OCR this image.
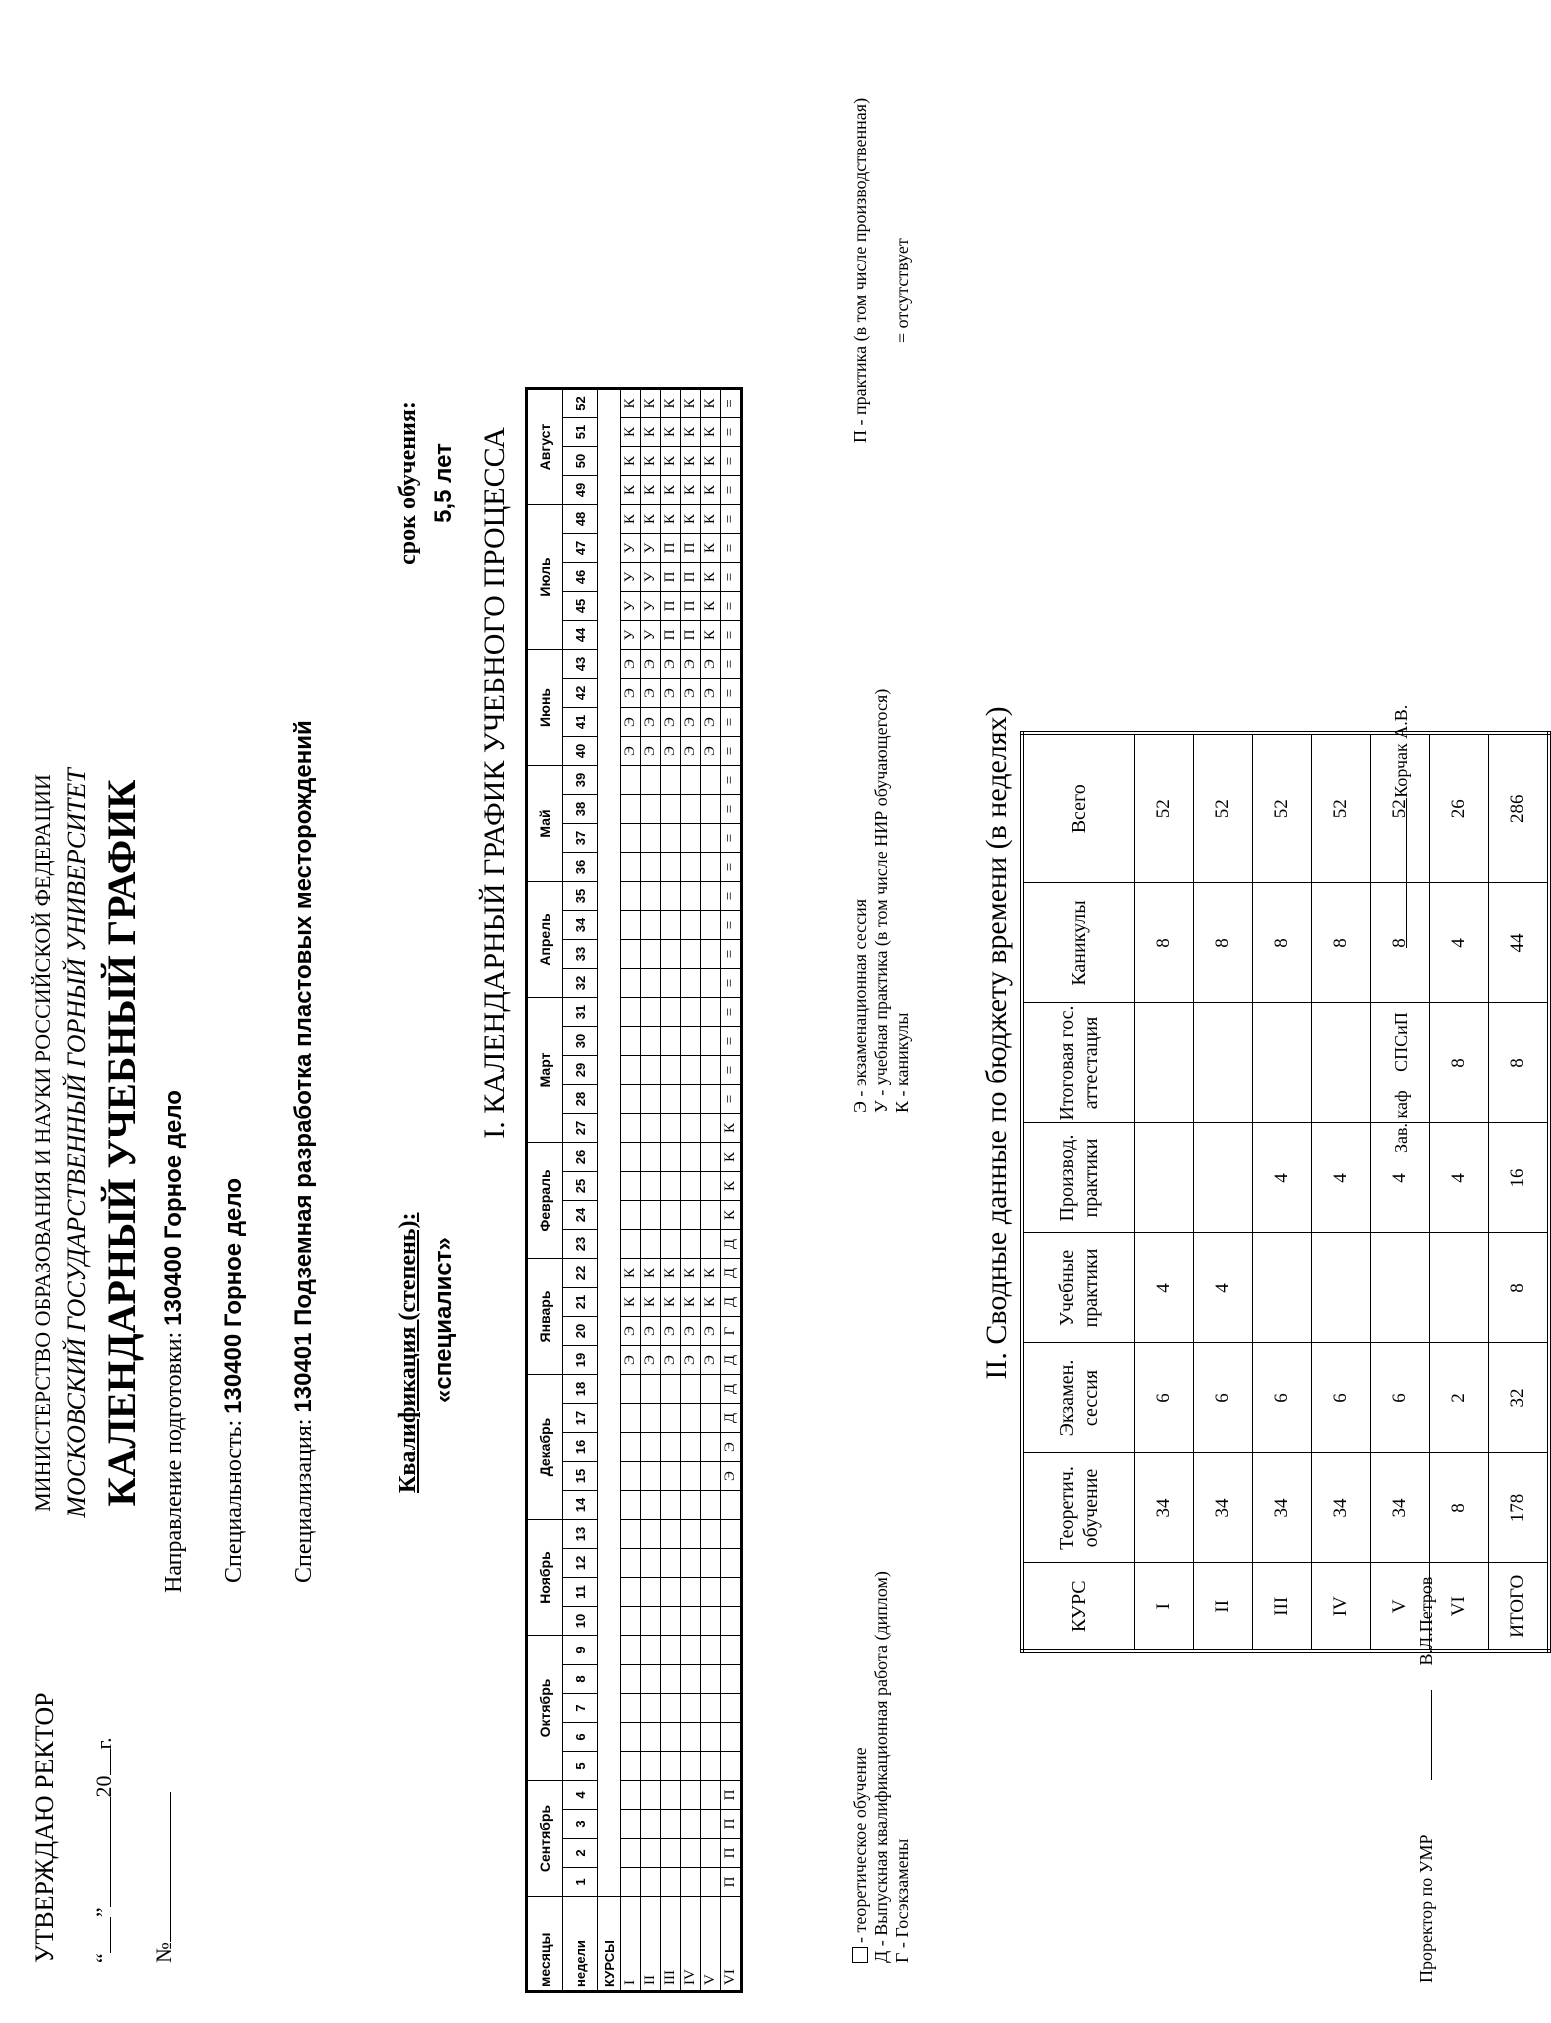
УТВЕРЖДАЮ РЕКТОР “”20г.
№
МИНИСТЕРСТВО ОБРАЗОВАНИЯ И НАУКИ РОССИЙСКОЙ ФЕДЕРАЦИИ МОСКОВСКИЙ ГОСУДАРСТВЕННЫЙ ГОРНЫЙ УНИВЕРСИТЕТ КАЛЕНДАРНЫЙ УЧЕБНЫЙ ГРАФИК Направление подготовки: 130400 Горное дело
Специальность: 130400 Горное дело
Специализация: 130401 Подземная разработка пластовых месторождений	Квалификация (степень): «специалист»
срок обучения: 5,5 лет I. КАЛЕНДАРНЫЙ ГРАФИК УЧЕБНОГО ПРОЦЕССА
месяцы	Сентябрь				Октябрь					Ноябрь				Декабрь					Январь				Февраль				Март					Апрель				Май				Июнь				Июль					Август			
недели	1	2	3	4	5	6	7	8	9	10	11	12	13	14	15	16	17	18	19	20	21	22	23	24	25	26	27	28	29	30	31	32	33	34	35	36	37	38	39	40	41	42	43	44	45	46	47	48	49	50	51	52
КУРСЫ																																																				
I																			Э	Э	К	К																		Э	Э	Э	Э	У	У	У	У	К	К	К	К	К
II																			Э	Э	К	К																		Э	Э	Э	Э	У	У	У	У	К	К	К	К	К
III																			Э	Э	К	К																		Э	Э	Э	Э	П	П	П	П	К	К	К	К	К
IV																			Э	Э	К	К																		Э	Э	Э	Э	П	П	П	П	К	К	К	К	К
V																			Э	Э	К	К																		Э	Э	Э	Э	К	К	К	К	К	К	К	К	К
VI	П	П	П	П											Э	Э	Д	Д	Д	Г	Д	Д	Д	К	К	К	К	=	=	=	=	=	=	=	=	=	=	=	=	=	=	=	=	=	=	=	=	=	=	=	=	=
- теоретическое обучение Д - Выпускная квалификационная работа (диплом) Г - Госэкзамены
Э - экзаменационная сессия У - учебная практика (в том числе НИР обучающегося) К - каникулы
П - практика (в том числе производственная)
= отсутствует
II. Сводные данные по бюджету времени (в неделях)
КУРС	Теоретич. обучение	Экзамен. сессия	Учебные практики	Производ. практики	Итоговая гос. аттестация	Каникулы	Всего
I	34	6	4			8	52
II	34	6	4			8	52
III	34	6		4		8	52
IV	34	6		4		8	52
V	34	6		4		8	52
VI	8	2		4	8	4	26
ИТОГО	178	32	8	16	8	44	286
Проректор по УМР  В.Л.Петров
Зав. каф СПСиП Корчак А.В.
